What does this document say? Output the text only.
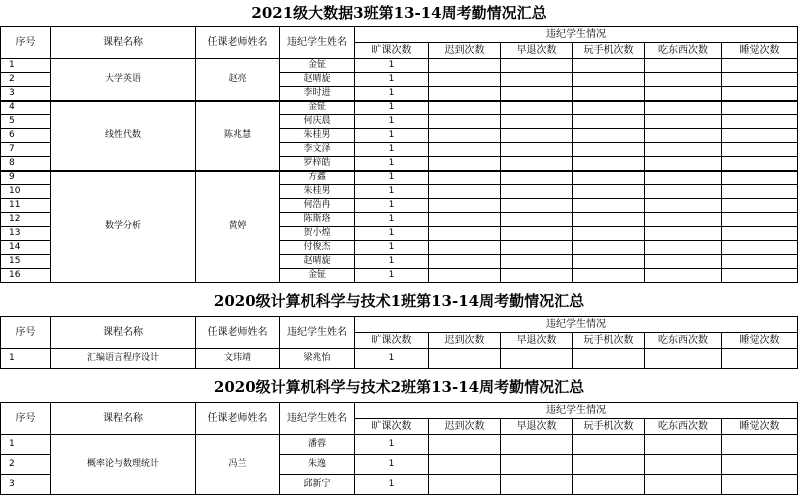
2021级大数据3班第13-14周考勤情况汇总
序号	课程名称	任课老师姓名	违纪学生姓名	违纪学生情况					
				旷课次数	迟到次数	早退次数	玩手机次数	吃东西次数	睡觉次数
1	大学英语	赵亮	金钲	1					
2			赵晴旋	1					
3			李时进	1					
4	线性代数	陈兆慧	金钲	1					
5			何庆晨	1					
6			朱桂男	1					
7			李文泽	1					
8			罗梓皓	1					
9	数学分析	黄婷	方鑫	1					
10			朱桂男	1					
11			何浩冉	1					
12			陈斯珞	1					
13			贺小煌	1					
14			付俊杰	1					
15			赵晴旋	1					
16			金钲	1					
2020级计算机科学与技术1班第13-14周考勤情况汇总
序号	课程名称	任课老师姓名	违纪学生姓名	违纪学生情况					
				旷课次数	迟到次数	早退次数	玩手机次数	吃东西次数	睡觉次数
1	汇编语言程序设计	文玮靖	梁兆怡	1					
2020级计算机科学与技术2班第13-14周考勤情况汇总
序号	课程名称	任课老师姓名	违纪学生姓名	违纪学生情况					
				旷课次数	迟到次数	早退次数	玩手机次数	吃东西次数	睡觉次数
1	概率论与数理统计	冯兰	潘蓉	1					
2			朱逸	1					
3			邱新宁	1					
